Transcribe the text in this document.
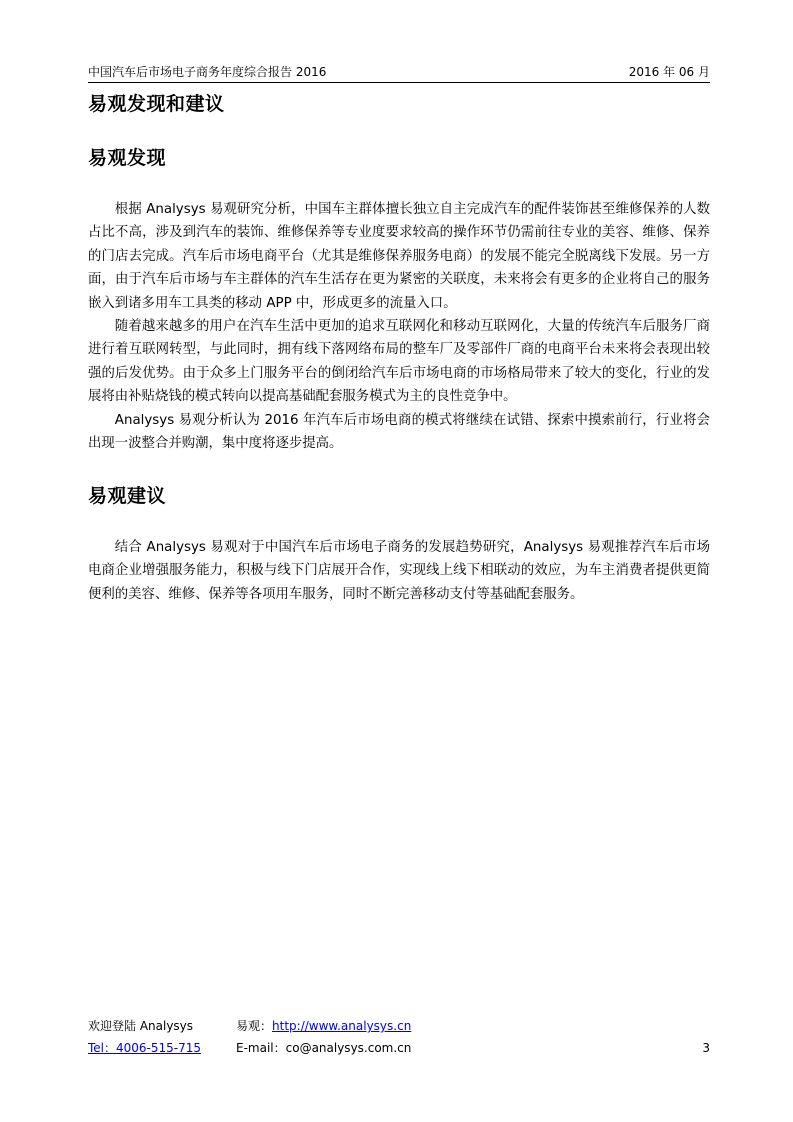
中国汽车后市场电子商务年度综合报告 2016	2016 年 06 月
易观发现和建议
易观发现

根据 Analysys 易观研究分析，中国车主群体擅长独立自主完成汽车的配件装饰甚至维修保养的人数占比不高，涉及到汽车的装饰、维修保养等专业度要求较高的操作环节仍需前往专业的美容、维修、保养的门店去完成。汽车后市场电商平台（尤其是维修保养服务电商）的发展不能完全脱离线下发展。另一方面，由于汽车后市场与车主群体的汽车生活存在更为紧密的关联度，未来将会有更多的企业将自己的服务嵌入到诸多用车工具类的移动 APP 中，形成更多的流量入口。

随着越来越多的用户在汽车生活中更加的追求互联网化和移动互联网化，大量的传统汽车后服务厂商进行着互联网转型，与此同时，拥有线下落网络布局的整车厂及零部件厂商的电商平台未来将会表现出较强的后发优势。由于众多上门服务平台的倒闭给汽车后市场电商的市场格局带来了较大的变化，行业的发展将由补贴烧钱的模式转向以提高基础配套服务模式为主的良性竞争中。

Analysys 易观分析认为 2016 年汽车后市场电商的模式将继续在试错、探索中摸索前行，行业将会出现一波整合并购潮，集中度将逐步提高。

易观建议

结合 Analysys 易观对于中国汽车后市场电子商务的发展趋势研究，Analysys 易观推荐汽车后市场电商企业增强服务能力，积极与线下门店展开合作，实现线上线下相联动的效应，为车主消费者提供更简便利的美容、维修、保养等各项用车服务，同时不断完善移动支付等基础配套服务。

欢迎登陆 Analysys	易观：http://www.analysys.cn
Tel：4006-515-715	E-mail：co@analysys.com.cn	3
